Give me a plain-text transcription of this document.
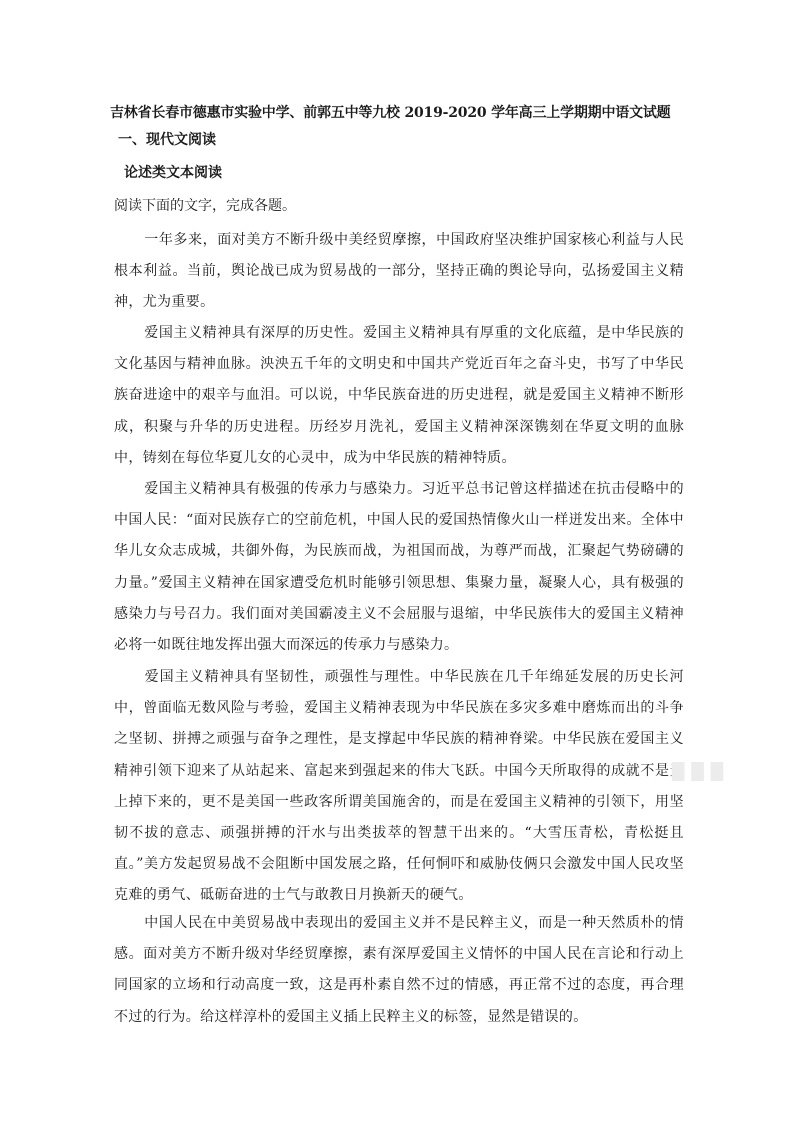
吉林省长春市德惠市实验中学、前郭五中等九校 2019-2020 学年高三上学期期中语文试题
一、现代文阅读
论述类文本阅读
阅读下面的文字，完成各题。

一年多来，面对美方不断升级中美经贸摩擦，中国政府坚决维护国家核心利益与人民根本利益。当前，舆论战已成为贸易战的一部分，坚持正确的舆论导向，弘扬爱国主义精神，尤为重要。

爱国主义精神具有深厚的历史性。爱国主义精神具有厚重的文化底蕴，是中华民族的文化基因与精神血脉。泱泱五千年的文明史和中国共产党近百年之奋斗史，书写了中华民族奋进途中的艰辛与血泪。可以说，中华民族奋进的历史进程，就是爱国主义精神不断形成，积聚与升华的历史进程。历经岁月洗礼，爱国主义精神深深镌刻在华夏文明的血脉中，铸刻在每位华夏儿女的心灵中，成为中华民族的精神特质。

爱国主义精神具有极强的传承力与感染力。习近平总书记曾这样描述在抗击侵略中的中国人民：“面对民族存亡的空前危机，中国人民的爱国热情像火山一样迸发出来。全体中华儿女众志成城，共御外侮，为民族而战，为祖国而战，为尊严而战，汇聚起气势磅礴的力量。”爱国主义精神在国家遭受危机时能够引领思想、集聚力量，凝聚人心，具有极强的感染力与号召力。我们面对美国霸凌主义不会屈服与退缩，中华民族伟大的爱国主义精神必将一如既往地发挥出强大而深远的传承力与感染力。

爱国主义精神具有坚韧性，顽强性与理性。中华民族在几千年绵延发展的历史长河中，曾面临无数风险与考验，爱国主义精神表现为中华民族在多灾多难中磨炼而出的斗争之坚韧、拼搏之顽强与奋争之理性，是支撑起中华民族的精神脊梁。中华民族在爱国主义精神引领下迎来了从站起来、富起来到强起来的伟大飞跃。中国今天所取得的成就不是天上掉下来的，更不是美国一些政客所谓美国施舍的，而是在爱国主义精神的引领下，用坚韧不拔的意志、顽强拼搏的汗水与出类拔萃的智慧干出来的。“大雪压青松，青松挺且直。”美方发起贸易战不会阻断中国发展之路，任何恫吓和威胁伎俩只会激发中国人民攻坚克难的勇气、砥砺奋进的士气与敢教日月换新天的硬气。

中国人民在中美贸易战中表现出的爱国主义并不是民粹主义，而是一种天然质朴的情感。面对美方不断升级对华经贸摩擦，素有深厚爱国主义情怀的中国人民在言论和行动上同国家的立场和行动高度一致，这是再朴素自然不过的情感，再正常不过的态度，再合理不过的行为。给这样淳朴的爱国主义插上民粹主义的标签，显然是错误的。

█ █ █
